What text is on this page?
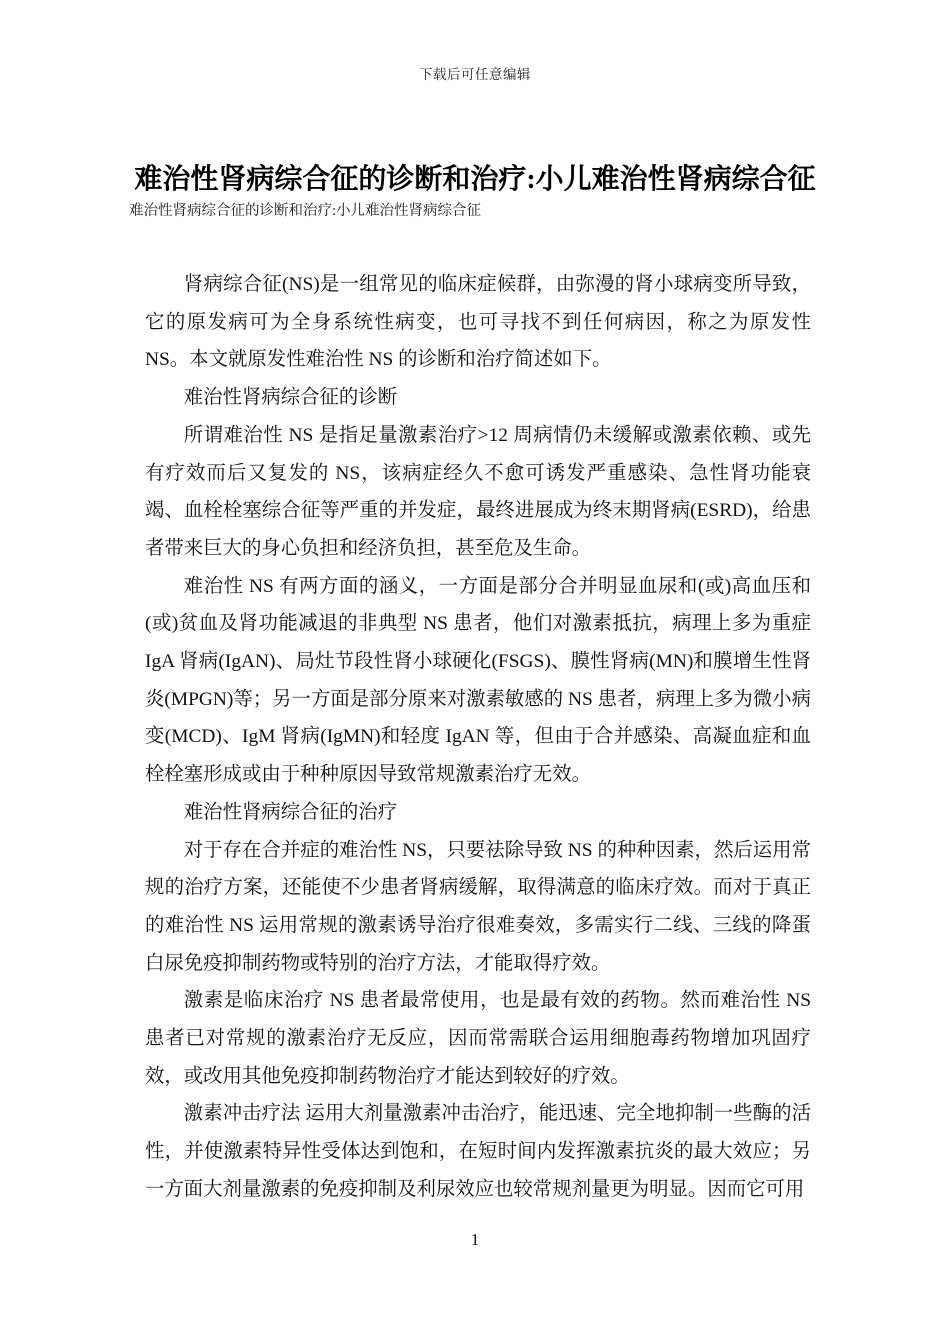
下载后可任意编辑
难治性肾病综合征的诊断和治疗:小儿难治性肾病综合征
难治性肾病综合征的诊断和治疗:小儿难治性肾病综合征

肾病综合征(NS)是一组常见的临床症候群，由弥漫的肾小球病变所导致，它的原发病可为全身系统性病变，也可寻找不到任何病因，称之为原发性 NS。本文就原发性难治性 NS 的诊断和治疗简述如下。

难治性肾病综合征的诊断

所谓难治性 NS 是指足量激素治疗>12 周病情仍未缓解或激素依赖、或先有疗效而后又复发的 NS，该病症经久不愈可诱发严重感染、急性肾功能衰竭、血栓栓塞综合征等严重的并发症，最终进展成为终末期肾病(ESRD)，给患者带来巨大的身心负担和经济负担，甚至危及生命。

难治性 NS 有两方面的涵义，一方面是部分合并明显血尿和(或)高血压和(或)贫血及肾功能减退的非典型 NS 患者，他们对激素抵抗，病理上多为重症 IgA 肾病(IgAN)、局灶节段性肾小球硬化(FSGS)、膜性肾病(MN)和膜增生性肾炎(MPGN)等；另一方面是部分原来对激素敏感的 NS 患者，病理上多为微小病变(MCD)、IgM 肾病(IgMN)和轻度 IgAN 等，但由于合并感染、高凝血症和血栓栓塞形成或由于种种原因导致常规激素治疗无效。

难治性肾病综合征的治疗

对于存在合并症的难治性 NS，只要祛除导致 NS 的种种因素，然后运用常规的治疗方案，还能使不少患者肾病缓解，取得满意的临床疗效。而对于真正的难治性 NS 运用常规的激素诱导治疗很难奏效，多需实行二线、三线的降蛋白尿免疫抑制药物或特别的治疗方法，才能取得疗效。

激素是临床治疗 NS 患者最常使用，也是最有效的药物。然而难治性 NS 患者已对常规的激素治疗无反应，因而常需联合运用细胞毒药物增加巩固疗效，或改用其他免疫抑制药物治疗才能达到较好的疗效。

激素冲击疗法 运用大剂量激素冲击治疗，能迅速、完全地抑制一些酶的活性，并使激素特异性受体达到饱和，在短时间内发挥激素抗炎的最大效应；另一方面大剂量激素的免疫抑制及利尿效应也较常规剂量更为明显。因而它可用

1
